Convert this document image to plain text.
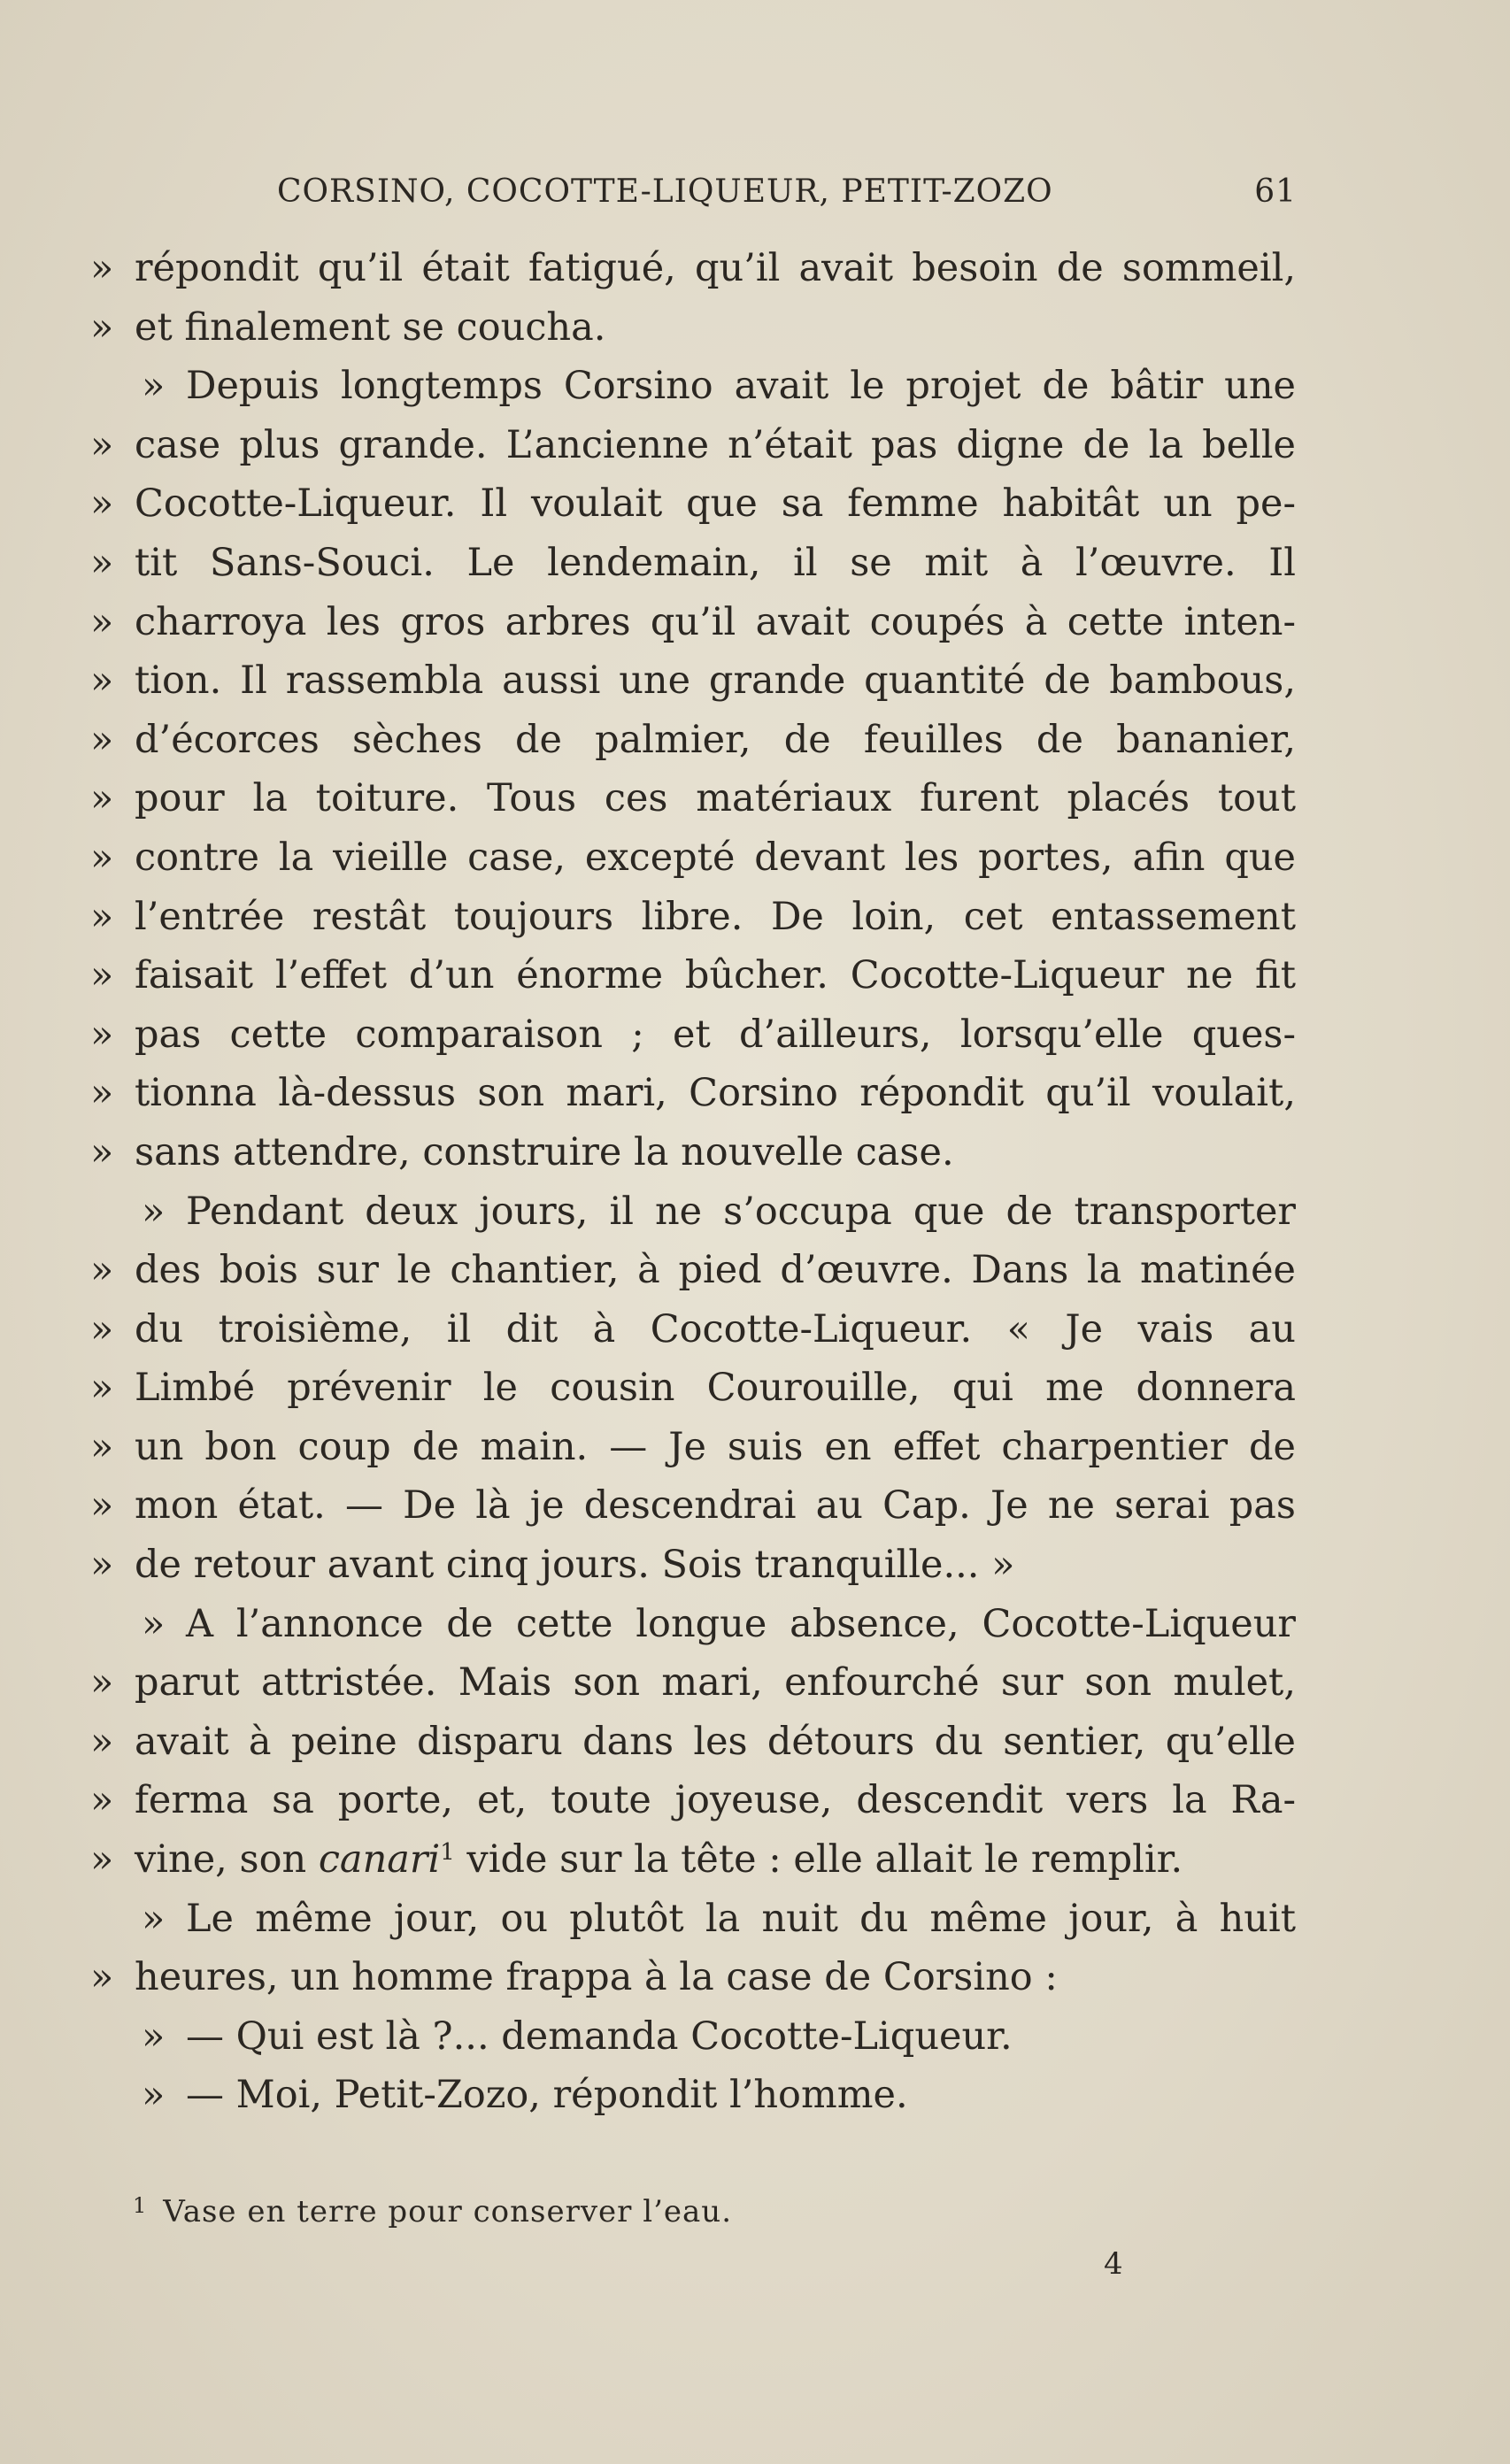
CORSINO, COCOTTE-LIQUEUR, PETIT-ZOZO	61
» répondit qu’il était fatigué, qu’il avait besoin de sommeil,
» et finalement se coucha.
» Depuis longtemps Corsino avait le projet de bâtir une
» case plus grande. L’ancienne n’était pas digne de la belle
» Cocotte-Liqueur. Il voulait que sa femme habitât un pe-
» tit Sans-Souci. Le lendemain, il se mit à l’œuvre. Il
» charroya les gros arbres qu’il avait coupés à cette inten-
» tion. Il rassembla aussi une grande quantité de bambous,
» d’écorces sèches de palmier, de feuilles de bananier,
» pour la toiture. Tous ces matériaux furent placés tout
» contre la vieille case, excepté devant les portes, afin que
» l’entrée restât toujours libre. De loin, cet entassement
» faisait l’effet d’un énorme bûcher. Cocotte-Liqueur ne fit
» pas cette comparaison ; et d’ailleurs, lorsqu’elle ques-
» tionna là-dessus son mari, Corsino répondit qu’il voulait,
» sans attendre, construire la nouvelle case.
» Pendant deux jours, il ne s’occupa que de transporter
» des bois sur le chantier, à pied d’œuvre. Dans la matinée
» du troisième, il dit à Cocotte-Liqueur. « Je vais au
» Limbé prévenir le cousin Courouille, qui me donnera
» un bon coup de main. — Je suis en effet charpentier de
» mon état. — De là je descendrai au Cap. Je ne serai pas
» de retour avant cinq jours. Sois tranquille... »
» A l’annonce de cette longue absence, Cocotte-Liqueur
» parut attristée. Mais son mari, enfourché sur son mulet,
» avait à peine disparu dans les détours du sentier, qu’elle
» ferma sa porte, et, toute joyeuse, descendit vers la Ra-
» vine, son canari$^1$ vide sur la tête : elle allait le remplir.
» Le même jour, ou plutôt la nuit du même jour, à huit
» heures, un homme frappa à la case de Corsino :
» — Qui est là ?... demanda Cocotte-Liqueur.
» — Moi, Petit-Zozo, répondit l’homme.
$^1$ Vase en terre pour conserver l’eau.
4
